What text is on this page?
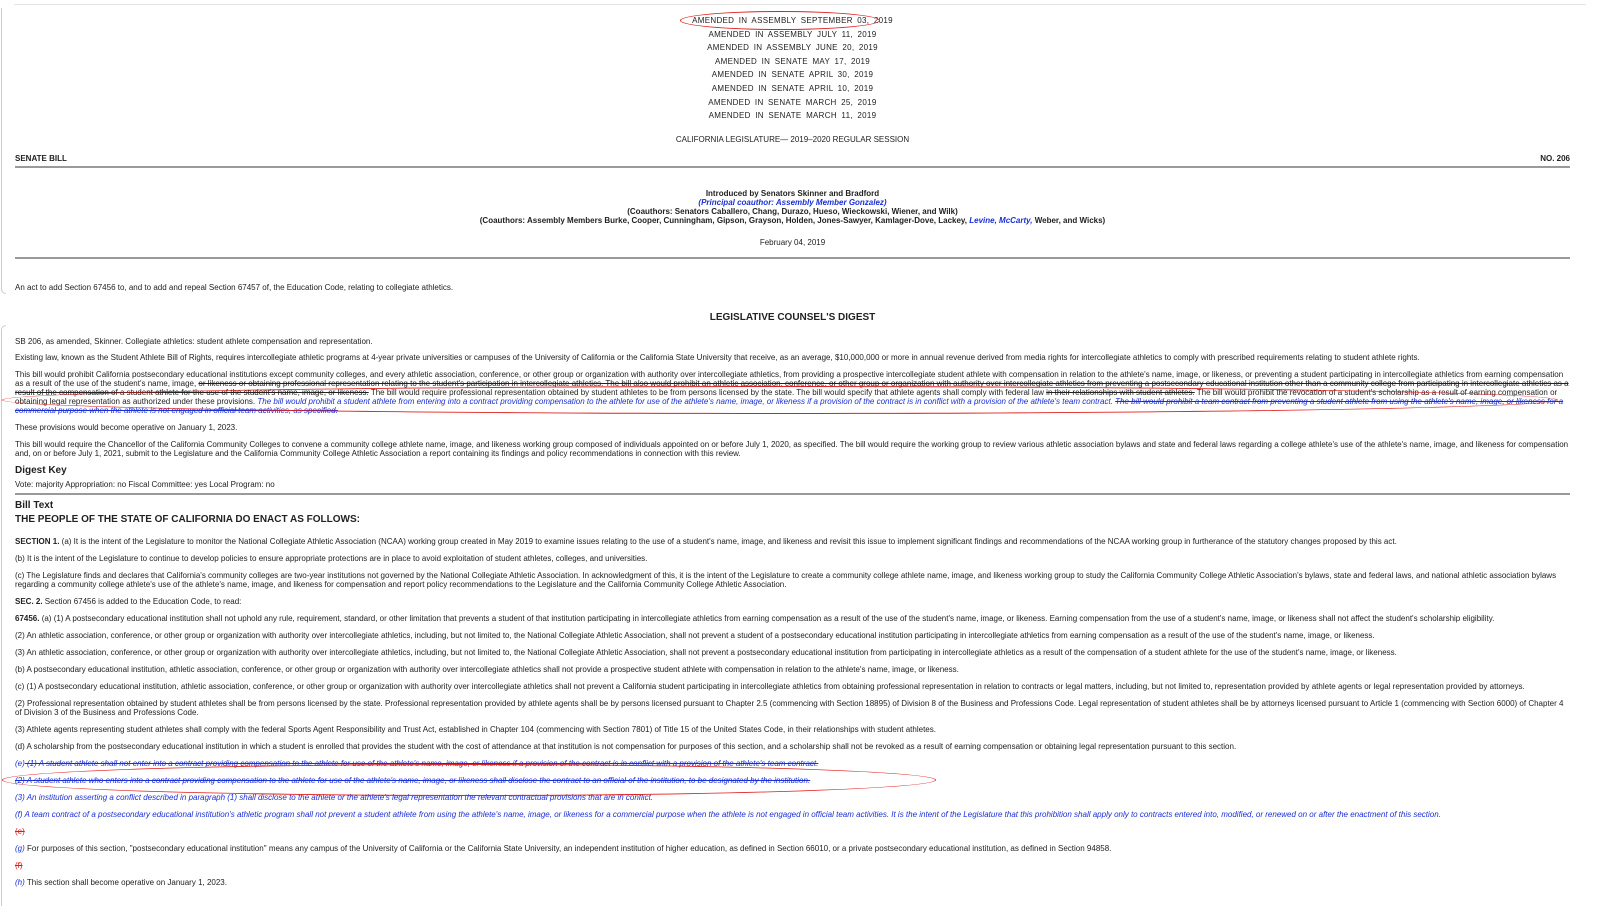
AMENDED IN ASSEMBLY SEPTEMBER 03, 2019
AMENDED IN ASSEMBLY JULY 11, 2019
AMENDED IN ASSEMBLY JUNE 20, 2019
AMENDED IN SENATE MAY 17, 2019
AMENDED IN SENATE APRIL 30, 2019
AMENDED IN SENATE APRIL 10, 2019
AMENDED IN SENATE MARCH 25, 2019
AMENDED IN SENATE MARCH 11, 2019
CALIFORNIA LEGISLATURE— 2019–2020 REGULAR SESSION
SENATE BILL	NO. 206
Introduced by Senators Skinner and Bradford
(Principal coauthor: Assembly Member Gonzalez)
(Coauthors: Senators Caballero, Chang, Durazo, Hueso, Wieckowski, Wiener, and Wilk)
(Coauthors: Assembly Members Burke, Cooper, Cunningham, Gipson, Grayson, Holden, Jones-Sawyer, Kamlager-Dove, Lackey, Levine, McCarty, Weber, and Wicks)
February 04, 2019
An act to add Section 67456 to, and to add and repeal Section 67457 of, the Education Code, relating to collegiate athletics.
LEGISLATIVE COUNSEL'S DIGEST

SB 206, as amended, Skinner. Collegiate athletics: student athlete compensation and representation.

Existing law, known as the Student Athlete Bill of Rights, requires intercollegiate athletic programs at 4-year private universities or campuses of the University of California or the California State University that receive, as an average, $10,000,000 or more in annual revenue derived from media rights for intercollegiate athletics to comply with prescribed requirements relating to student athlete rights.

This bill would prohibit California postsecondary educational institutions except community colleges, and every athletic association, conference, or other group or organization with authority over intercollegiate athletics, from providing a prospective intercollegiate student athlete with compensation in relation to the athlete's name, image, or likeness, or preventing a student participating in intercollegiate athletics from earning compensation as a result of the use of the student's name, image, or likeness or obtaining professional representation relating to the student's participation in intercollegiate athletics. The bill also would prohibit an athletic association, conference, or other group or organization with authority over intercollegiate athletics from preventing a postsecondary educational institution other than a community college from participating in intercollegiate athletics as a result of the compensation of a student athlete for the use of the student's name, image, or likeness. The bill would require professional representation obtained by student athletes to be from persons licensed by the state. The bill would specify that athlete agents shall comply with federal law in their relationships with student athletes. The bill would prohibit the revocation of a student's scholarship as a result of earning compensation or obtaining legal representation as authorized under these provisions. The bill would prohibit a student athlete from entering into a contract providing compensation to the athlete for use of the athlete's name, image, or likeness if a provision of the contract is in conflict with a provision of the athlete's team contract. The bill would prohibit a team contract from preventing a student athlete from using the athlete's name, image, or likeness for a commercial purpose when the athlete is not engaged in official team activities, as specified.

These provisions would become operative on January 1, 2023.

This bill would require the Chancellor of the California Community Colleges to convene a community college athlete name, image, and likeness working group composed of individuals appointed on or before July 1, 2020, as specified. The bill would require the working group to review various athletic association bylaws and state and federal laws regarding a college athlete's use of the athlete's name, image, and likeness for compensation and, on or before July 1, 2021, submit to the Legislature and the California Community College Athletic Association a report containing its findings and policy recommendations in connection with this review.

Digest Key

Vote: majority Appropriation: no Fiscal Committee: yes Local Program: no

Bill Text
THE PEOPLE OF THE STATE OF CALIFORNIA DO ENACT AS FOLLOWS:

SECTION 1. (a) It is the intent of the Legislature to monitor the National Collegiate Athletic Association (NCAA) working group created in May 2019 to examine issues relating to the use of a student's name, image, and likeness and revisit this issue to implement significant findings and recommendations of the NCAA working group in furtherance of the statutory changes proposed by this act.

(b) It is the intent of the Legislature to continue to develop policies to ensure appropriate protections are in place to avoid exploitation of student athletes, colleges, and universities.

(c) The Legislature finds and declares that California's community colleges are two-year institutions not governed by the National Collegiate Athletic Association. In acknowledgment of this, it is the intent of the Legislature to create a community college athlete name, image, and likeness working group to study the California Community College Athletic Association's bylaws, state and federal laws, and national athletic association bylaws regarding a community college athlete's use of the athlete's name, image, and likeness for compensation and report policy recommendations to the Legislature and the California Community College Athletic Association.

SEC. 2. Section 67456 is added to the Education Code, to read:

67456. (a) (1) A postsecondary educational institution shall not uphold any rule, requirement, standard, or other limitation that prevents a student of that institution participating in intercollegiate athletics from earning compensation as a result of the use of the student's name, image, or likeness. Earning compensation from the use of a student's name, image, or likeness shall not affect the student's scholarship eligibility.

(2) An athletic association, conference, or other group or organization with authority over intercollegiate athletics, including, but not limited to, the National Collegiate Athletic Association, shall not prevent a student of a postsecondary educational institution participating in intercollegiate athletics from earning compensation as a result of the use of the student's name, image, or likeness.

(3) An athletic association, conference, or other group or organization with authority over intercollegiate athletics, including, but not limited to, the National Collegiate Athletic Association, shall not prevent a postsecondary educational institution from participating in intercollegiate athletics as a result of the compensation of a student athlete for the use of the student's name, image, or likeness.

(b) A postsecondary educational institution, athletic association, conference, or other group or organization with authority over intercollegiate athletics shall not provide a prospective student athlete with compensation in relation to the athlete's name, image, or likeness.

(c) (1) A postsecondary educational institution, athletic association, conference, or other group or organization with authority over intercollegiate athletics shall not prevent a California student participating in intercollegiate athletics from obtaining professional representation in relation to contracts or legal matters, including, but not limited to, representation provided by athlete agents or legal representation provided by attorneys.

(2) Professional representation obtained by student athletes shall be from persons licensed by the state. Professional representation provided by athlete agents shall be by persons licensed pursuant to Chapter 2.5 (commencing with Section 18895) of Division 8 of the Business and Professions Code. Legal representation of student athletes shall be by attorneys licensed pursuant to Article 1 (commencing with Section 6000) of Chapter 4 of Division 3 of the Business and Professions Code.

(3) Athlete agents representing student athletes shall comply with the federal Sports Agent Responsibility and Trust Act, established in Chapter 104 (commencing with Section 7801) of Title 15 of the United States Code, in their relationships with student athletes.

(d) A scholarship from the postsecondary educational institution in which a student is enrolled that provides the student with the cost of attendance at that institution is not compensation for purposes of this section, and a scholarship shall not be revoked as a result of earning compensation or obtaining legal representation pursuant to this section.

(e) (1) A student athlete shall not enter into a contract providing compensation to the athlete for use of the athlete's name, image, or likeness if a provision of the contract is in conflict with a provision of the athlete's team contract.

(2) A student athlete who enters into a contract providing compensation to the athlete for use of the athlete's name, image, or likeness shall disclose the contract to an official of the institution, to be designated by the institution.

(3) An institution asserting a conflict described in paragraph (1) shall disclose to the athlete or the athlete's legal representation the relevant contractual provisions that are in conflict.

(f) A team contract of a postsecondary educational institution's athletic program shall not prevent a student athlete from using the athlete's name, image, or likeness for a commercial purpose when the athlete is not engaged in official team activities. It is the intent of the Legislature that this prohibition shall apply only to contracts entered into, modified, or renewed on or after the enactment of this section.

(e)

(g) For purposes of this section, "postsecondary educational institution" means any campus of the University of California or the California State University, an independent institution of higher education, as defined in Section 66010, or a private postsecondary educational institution, as defined in Section 94858.

(f)

(h) This section shall become operative on January 1, 2023.
